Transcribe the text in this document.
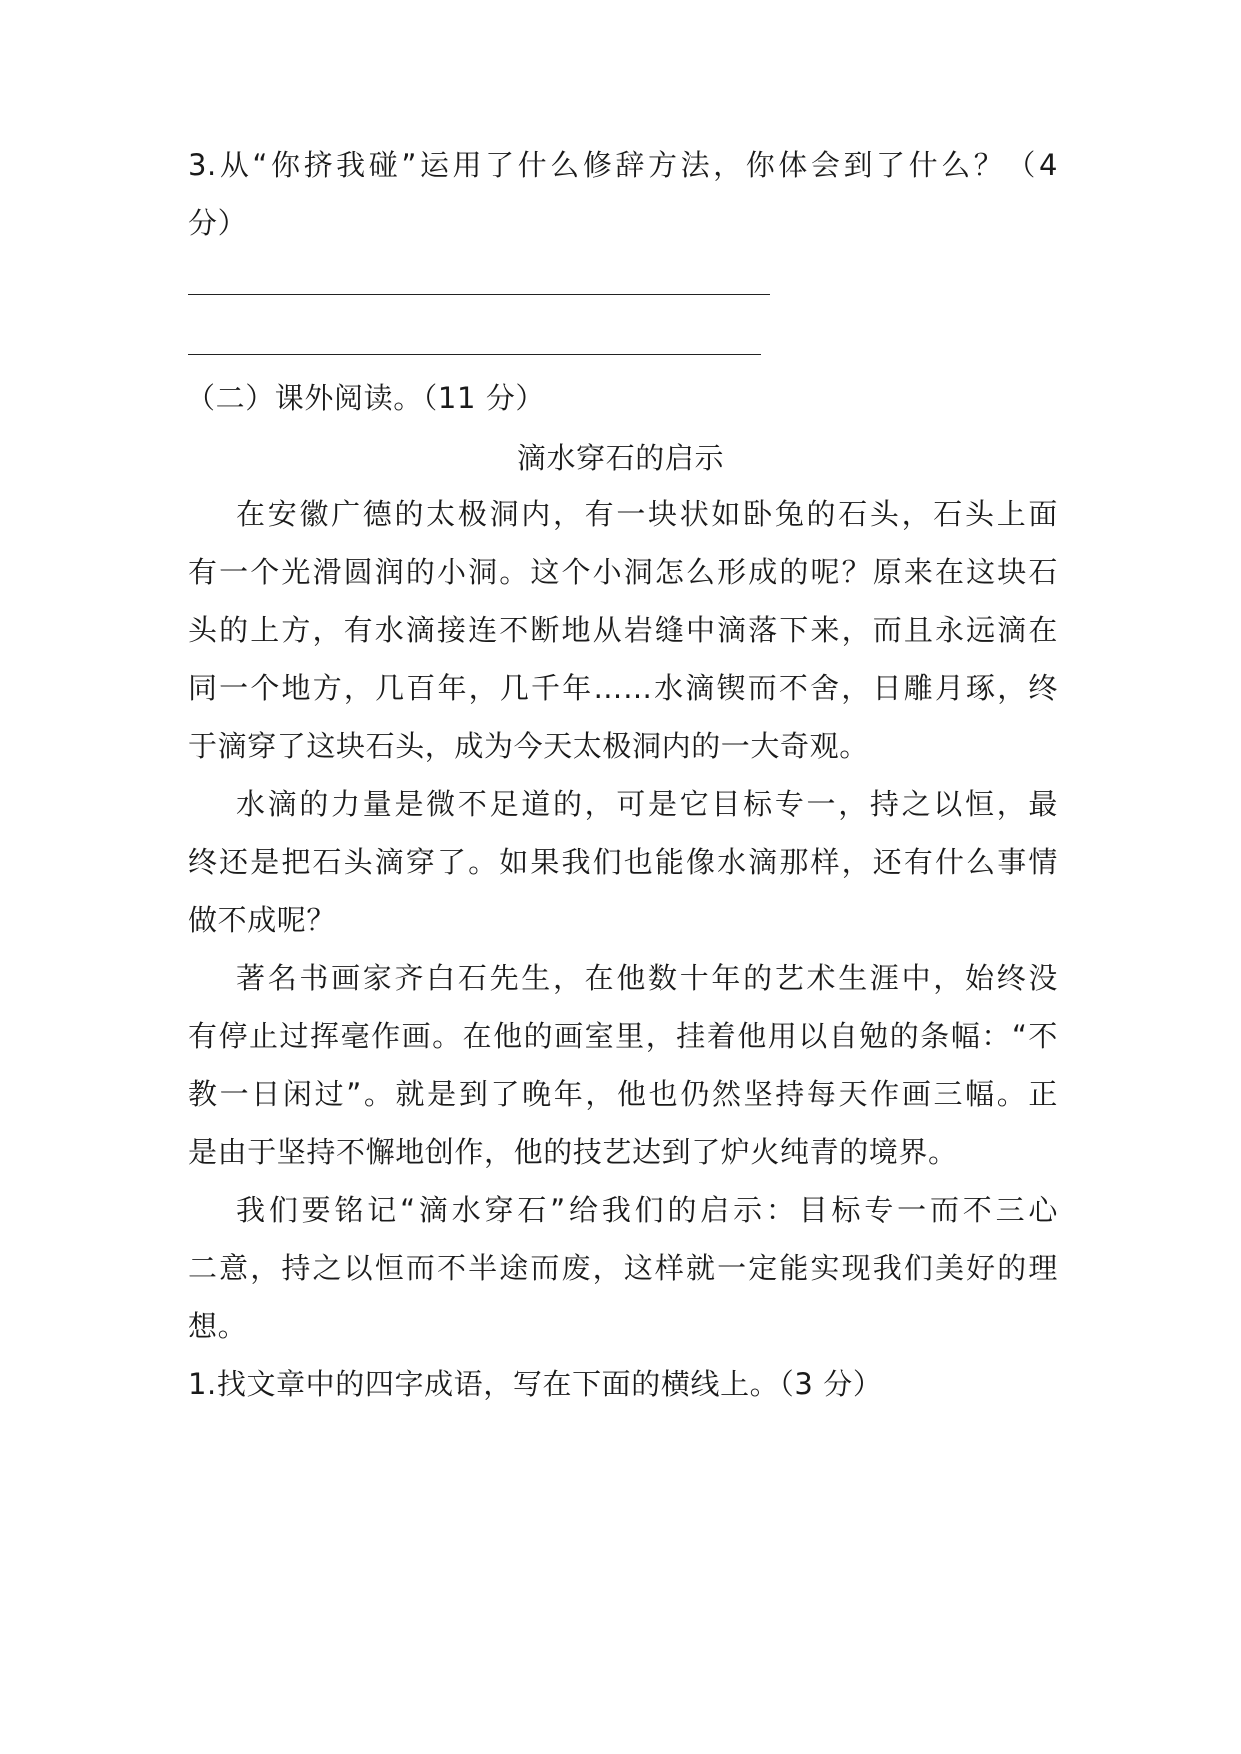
3.从“你挤我碰”运用了什么修辞方法，你体会到了什么？（4
分）
（二）课外阅读。（11 分）
滴水穿石的启示
在安徽广德的太极洞内，有一块状如卧兔的石头，石头上面
有一个光滑圆润的小洞。这个小洞怎么形成的呢？原来在这块石
头的上方，有水滴接连不断地从岩缝中滴落下来，而且永远滴在
同一个地方，几百年，几千年……水滴锲而不舍，日雕月琢，终
于滴穿了这块石头，成为今天太极洞内的一大奇观。
水滴的力量是微不足道的，可是它目标专一，持之以恒，最
终还是把石头滴穿了。如果我们也能像水滴那样，还有什么事情
做不成呢？
著名书画家齐白石先生，在他数十年的艺术生涯中，始终没
有停止过挥毫作画。在他的画室里，挂着他用以自勉的条幅：“不
教一日闲过”。就是到了晚年，他也仍然坚持每天作画三幅。正
是由于坚持不懈地创作，他的技艺达到了炉火纯青的境界。
我们要铭记“滴水穿石”给我们的启示：目标专一而不三心
二意，持之以恒而不半途而废，这样就一定能实现我们美好的理
想。
1.找文章中的四字成语，写在下面的横线上。（3 分）
